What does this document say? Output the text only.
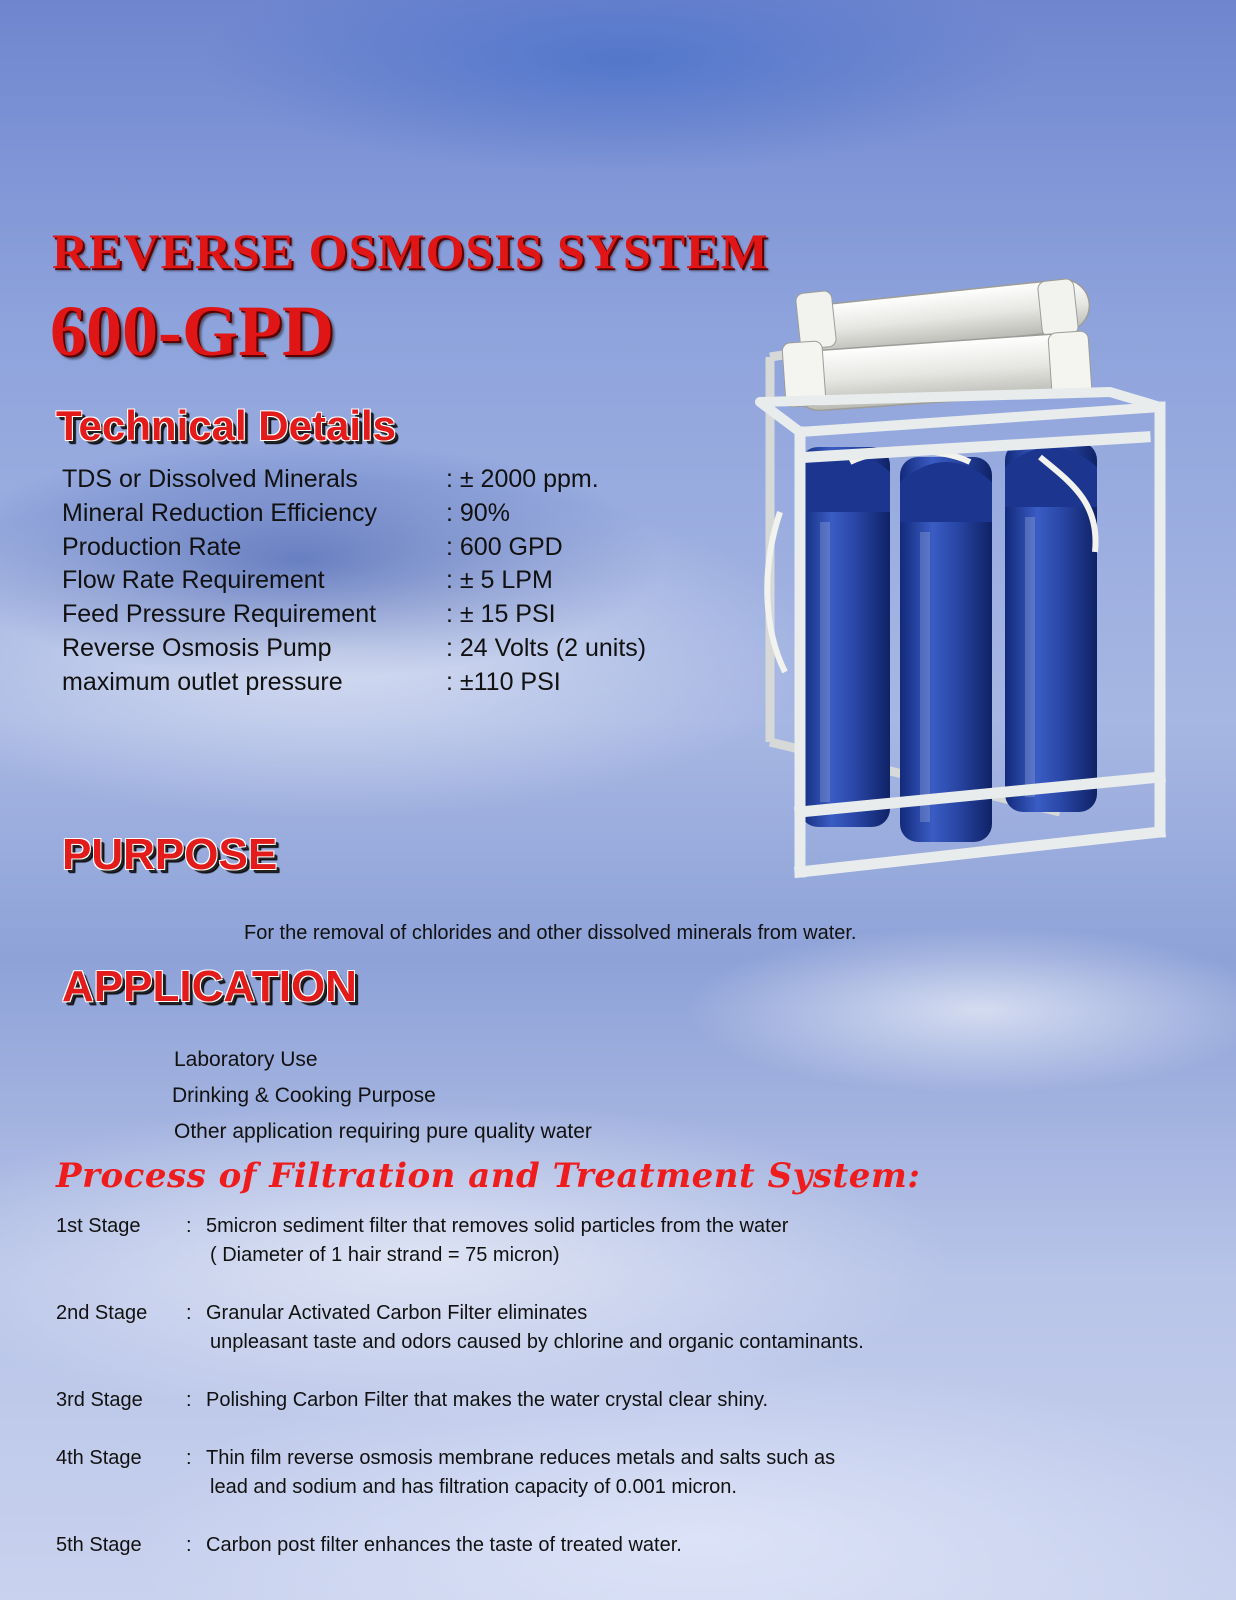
REVERSE OSMOSIS SYSTEM
600-GPD
Technical Details
TDS or Dissolved Minerals	: ± 2000 ppm.
Mineral Reduction Efficiency	: 90%
Production Rate	: 600 GPD
Flow Rate Requirement	: ± 5 LPM
Feed Pressure Requirement	: ± 15 PSI
Reverse Osmosis Pump	: 24 Volts (2 units)
maximum outlet pressure	: ±110 PSI
PURPOSE
For the removal of chlorides and other dissolved minerals from water.
APPLICATION
Laboratory Use
Drinking & Cooking Purpose
Other application requiring pure quality water
Process of Filtration and Treatment System:
1st Stage : 5micron sediment filter that removes solid particles from the water
( Diameter of 1 hair strand = 75 micron)
2nd Stage : Granular Activated Carbon Filter eliminates
unpleasant taste and odors caused by chlorine and organic contaminants.
3rd Stage : Polishing Carbon Filter that makes the water crystal clear shiny.
4th Stage : Thin film reverse osmosis membrane reduces metals and salts such as
lead and sodium and has filtration capacity of 0.001 micron.
5th Stage : Carbon post filter enhances the taste of treated water.
